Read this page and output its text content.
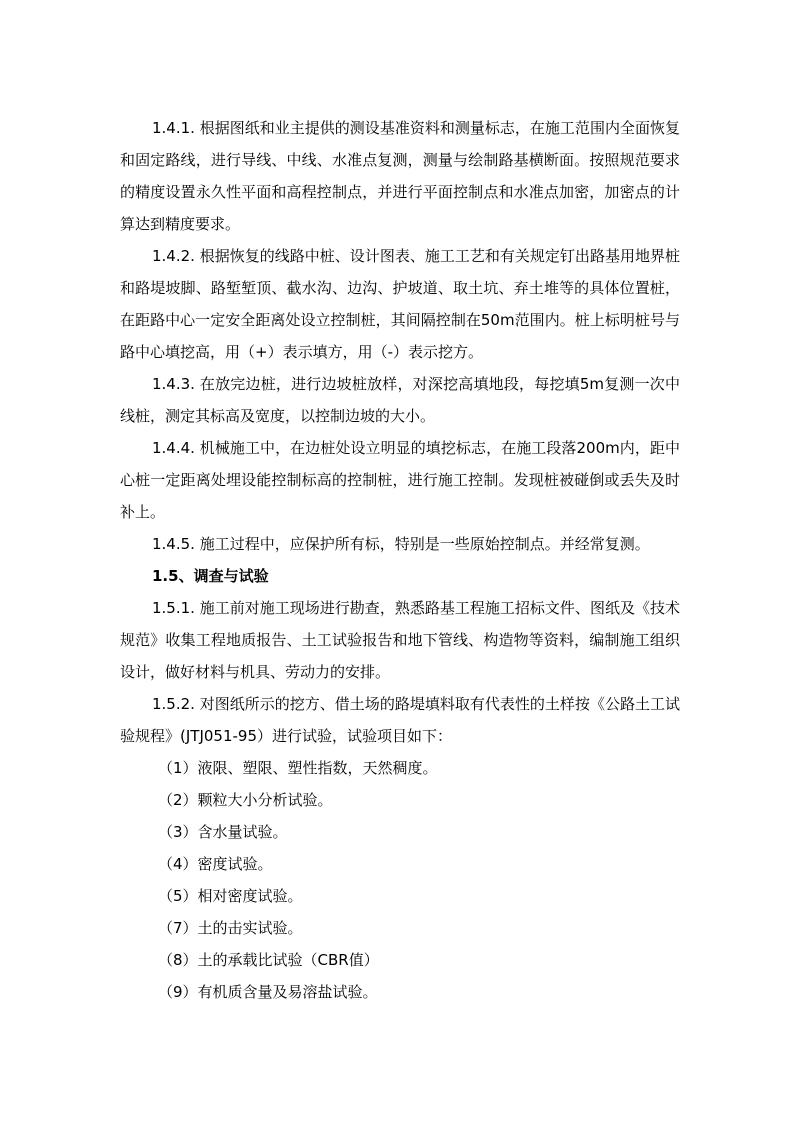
1.4.1. 根据图纸和业主提供的测设基准资料和测量标志，在施工范围内全面恢复和固定路线，进行导线、中线、水准点复测，测量与绘制路基横断面。按照规范要求的精度设置永久性平面和高程控制点，并进行平面控制点和水准点加密，加密点的计算达到精度要求。

1.4.2. 根据恢复的线路中桩、设计图表、施工工艺和有关规定钉出路基用地界桩和路堤坡脚、路堑堑顶、截水沟、边沟、护坡道、取土坑、弃土堆等的具体位置桩，在距路中心一定安全距离处设立控制桩，其间隔控制在50m范围内。桩上标明桩号与路中心填挖高，用（+）表示填方，用（-）表示挖方。

1.4.3. 在放完边桩，进行边坡桩放样，对深挖高填地段，每挖填5m复测一次中线桩，测定其标高及宽度，以控制边坡的大小。

1.4.4. 机械施工中，在边桩处设立明显的填挖标志，在施工段落200m内，距中心桩一定距离处埋设能控制标高的控制桩，进行施工控制。发现桩被碰倒或丢失及时补上。

1.4.5. 施工过程中，应保护所有标，特别是一些原始控制点。并经常复测。

1.5、调查与试验

1.5.1. 施工前对施工现场进行勘查，熟悉路基工程施工招标文件、图纸及《技术规范》收集工程地质报告、土工试验报告和地下管线、构造物等资料，编制施工组织设计，做好材料与机具、劳动力的安排。

1.5.2. 对图纸所示的挖方、借土场的路堤填料取有代表性的土样按《公路土工试验规程》(JTJ051-95）进行试验，试验项目如下：

（1）液限、塑限、塑性指数，天然稠度。

（2）颗粒大小分析试验。

（3）含水量试验。

（4）密度试验。

（5）相对密度试验。

（7）土的击实试验。

（8）土的承载比试验（CBR值）

（9）有机质含量及易溶盐试验。
